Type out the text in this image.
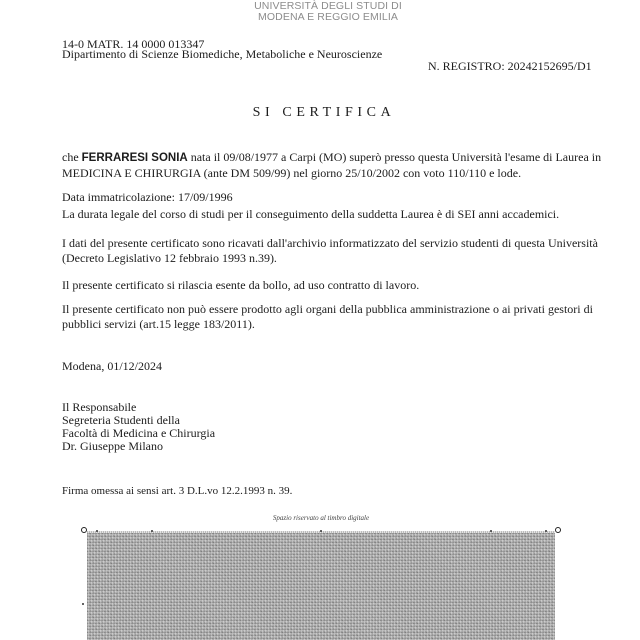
UNIVERSITÀ DEGLI STUDI DI
MODENA E REGGIO EMILIA
14-0 MATR. 14 0000 013347
Dipartimento di Scienze Biomediche, Metaboliche e Neuroscienze
N. REGISTRO: 20242152695/D1
SI CERTIFICA
che FERRARESI SONIA nata il 09/08/1977 a Carpi (MO) superò presso questa Università l'esame di Laurea in MEDICINA E CHIRURGIA (ante DM 509/99) nel giorno 25/10/2002 con voto 110/110 e lode.
Data immatricolazione: 17/09/1996
La durata legale del corso di studi per il conseguimento della suddetta Laurea è di SEI anni accademici.
I dati del presente certificato sono ricavati dall'archivio informatizzato del servizio studenti di questa Università (Decreto Legislativo 12 febbraio 1993 n.39).
Il presente certificato si rilascia esente da bollo, ad uso contratto di lavoro.
Il presente certificato non può essere prodotto agli organi della pubblica amministrazione o ai privati gestori di pubblici servizi (art.15 legge 183/2011).
Modena, 01/12/2024
Il Responsabile
Segreteria Studenti della
Facoltà di Medicina e Chirurgia
Dr. Giuseppe Milano
Firma omessa ai sensi art. 3 D.L.vo 12.2.1993 n. 39.
Spazio riservato al timbro digitale
